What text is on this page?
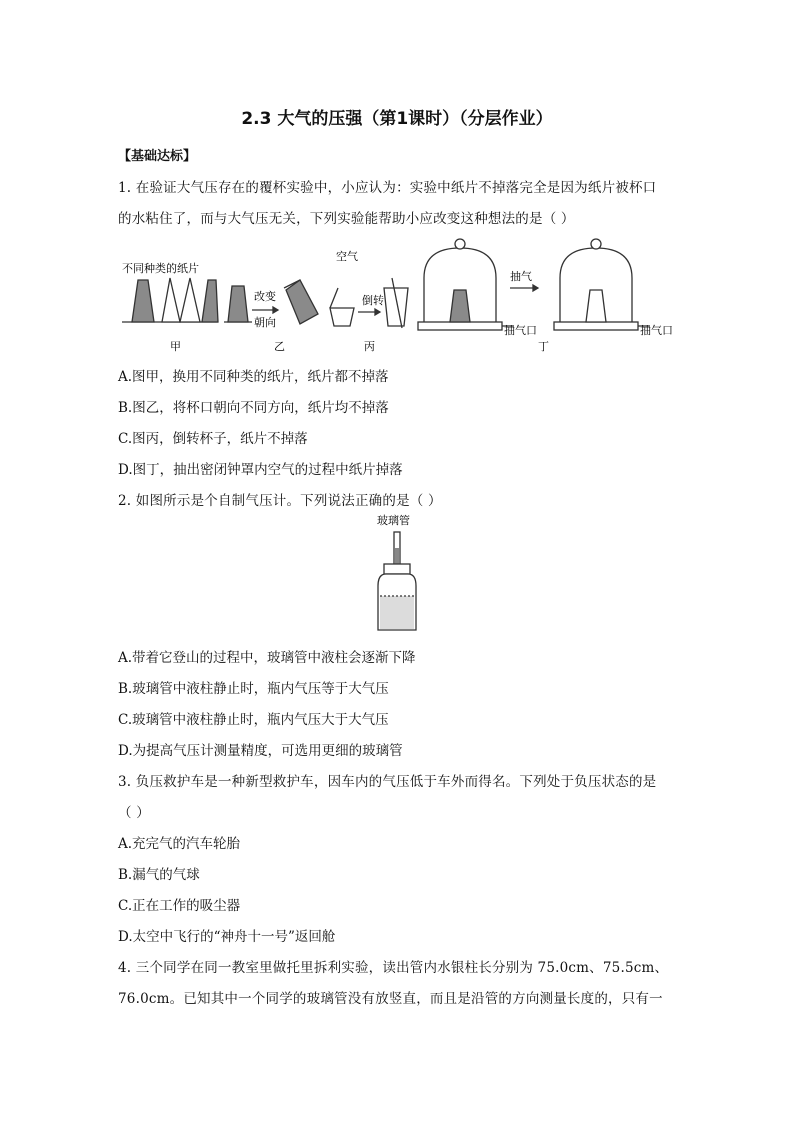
2.3 大气的压强（第1课时）（分层作业）
【基础达标】
1. 在验证大气压存在的覆杯实验中，小应认为：实验中纸片不掉落完全是因为纸片被杯口
的水粘住了，而与大气压无关，下列实验能帮助小应改变这种想法的是（ ）
不同种类的纸片
改变
朝向
空气
倒转
抽气
抽气口	抽气口
甲	乙	丙	丁
A.图甲，换用不同种类的纸片，纸片都不掉落
B.图乙，将杯口朝向不同方向，纸片均不掉落
C.图丙，倒转杯子，纸片不掉落
D.图丁，抽出密闭钟罩内空气的过程中纸片掉落
2. 如图所示是个自制气压计。下列说法正确的是（ ）
玻璃管
A.带着它登山的过程中，玻璃管中液柱会逐渐下降
B.玻璃管中液柱静止时，瓶内气压等于大气压
C.玻璃管中液柱静止时，瓶内气压大于大气压
D.为提高气压计测量精度，可选用更细的玻璃管
3. 负压救护车是一种新型救护车，因车内的气压低于车外而得名。下列处于负压状态的是
（ ）
A.充完气的汽车轮胎
B.漏气的气球
C.正在工作的吸尘器
D.太空中飞行的“神舟十一号”返回舱
4. 三个同学在同一教室里做托里拆利实验，读出管内水银柱长分别为 75.0cm、75.5cm、
76.0cm。已知其中一个同学的玻璃管没有放竖直，而且是沿管的方向测量长度的，只有一
